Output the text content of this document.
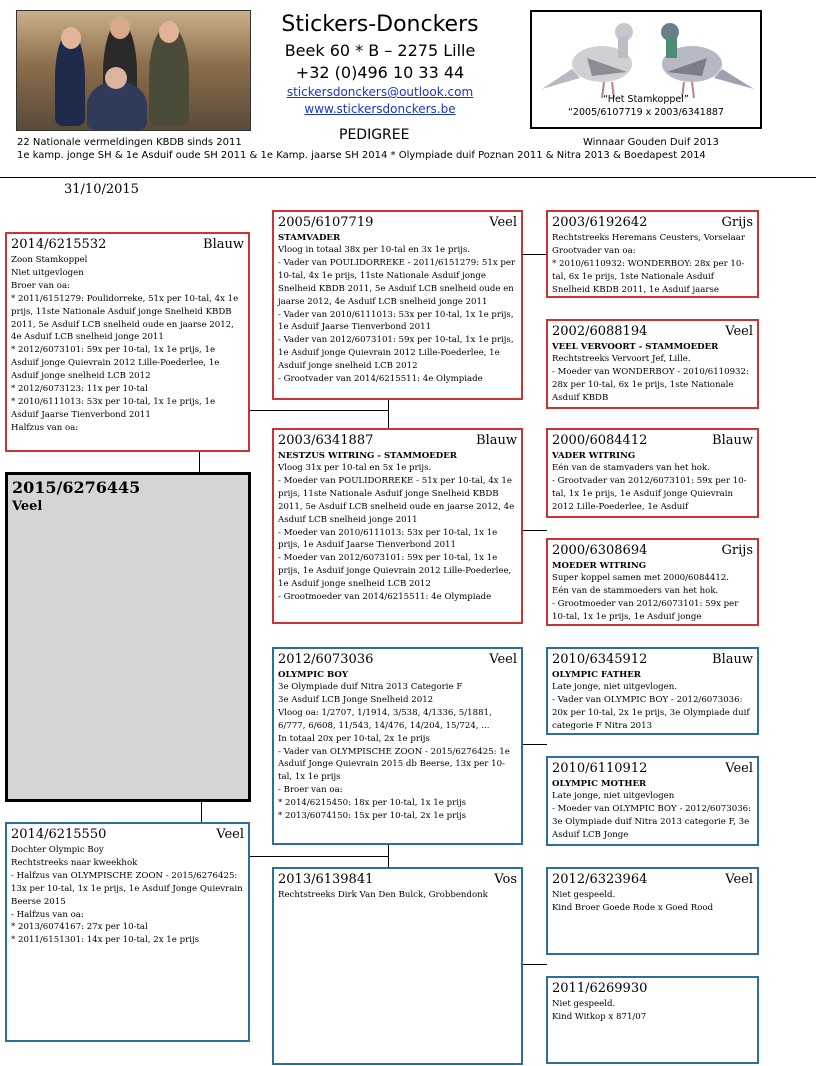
Stickers-Donckers
Beek 60 * B – 2275 Lille
+32 (0)496 10 33 44
stickersdonckers@outlook.com
www.stickersdonckers.be
PEDIGREE
“Het Stamkoppel”
“2005/6107719 x 2003/6341887
22 Nationale vermeldingen KBDB sinds 2011	Winnaar Gouden Duif 2013
1e kamp. jonge SH & 1e Asduif oude SH 2011 & 1e Kamp. jaarse SH 2014 * Olympiade duif Poznan 2011 & Nitra 2013 & Boedapest 2014
31/10/2015
2015/6276445
Veel
2014/6215532	Blauw
Zoon Stamkoppel
Niet uitgevlogen
Broer van oa:
* 2011/6151279: Poulidorreke, 51x per 10-tal, 4x 1e prijs, 11ste Nationale Asduif jonge Snelheid KBDB 2011, 5e Asduif LCB snelheid oude en jaarse 2012, 4e Asduif LCB snelheid jonge 2011
* 2012/6073101: 59x per 10-tal, 1x 1e prijs, 1e Asduif jonge Quievrain 2012 Lille-Poederlee, 1e Asduif jonge snelheid LCB 2012
* 2012/6073123: 11x per 10-tal
* 2010/6111013: 53x per 10-tal, 1x 1e prijs, 1e Asduif Jaarse Tienverbond 2011
Halfzus van oa:
2014/6215550	Veel
Dochter Olympic Boy
Rechtstreeks naar kweekhok
- Halfzus van OLYMPISCHE ZOON - 2015/6276425: 13x per 10-tal, 1x 1e prijs, 1e Asduif Jonge Quievrain Beerse 2015
- Halfzus van oa:
* 2013/6074167: 27x per 10-tal
* 2011/6151301: 14x per 10-tal, 2x 1e prijs
2005/6107719	Veel
STAMVADER
Vloog in totaal 38x per 10-tal en 3x 1e prijs.
- Vader van POULIDORREKE - 2011/6151279: 51x per 10-tal, 4x 1e prijs, 11ste Nationale Asduif jonge Snelheid KBDB 2011, 5e Asduif LCB snelheid oude en jaarse 2012, 4e Asduif LCB snelheid jonge 2011
- Vader van 2010/6111013: 53x per 10-tal, 1x 1e prijs, 1e Asduif Jaarse Tienverbond 2011
- Vader van 2012/6073101: 59x per 10-tal, 1x 1e prijs, 1e Asduif jonge Quievrain 2012 Lille-Poederlee, 1e Asduif jonge snelheid LCB 2012
- Grootvader van 2014/6215511: 4e Olympiade
2003/6341887	Blauw
NESTZUS WITRING - STAMMOEDER
Vloog 31x per 10-tal en 5x 1e prijs.
- Moeder van POULIDORREKE - 51x per 10-tal, 4x 1e prijs, 11ste Nationale Asduif jonge Snelheid KBDB 2011, 5e Asduif LCB snelheid oude en jaarse 2012, 4e Asduif LCB snelheid jonge 2011
- Moeder van 2010/6111013: 53x per 10-tal, 1x 1e prijs, 1e Asduif Jaarse Tienverbond 2011
- Moeder van 2012/6073101: 59x per 10-tal, 1x 1e prijs, 1e Asduif jonge Quievrain 2012 Lille-Poederlee, 1e Asduif jonge snelheid LCB 2012
- Grootmoeder van 2014/6215511: 4e Olympiade
2012/6073036	Veel
OLYMPIC BOY
3e Olympiade duif Nitra 2013 Categorie F
3e Asduif LCB Jonge Snelheid 2012
Vloog oa: 1/2707, 1/1914, 3/538, 4/1336, 5/1881, 6/777, 6/608, 11/543, 14/476, 14/204, 15/724, ...
In totaal 20x per 10-tal, 2x 1e prijs
- Vader van OLYMPISCHE ZOON - 2015/6276425: 1e Asduif Jonge Quievrain 2015 db Beerse, 13x per 10-tal, 1x 1e prijs
- Broer van oa:
* 2014/6215450: 18x per 10-tal, 1x 1e prijs
* 2013/6074150: 15x per 10-tal, 2x 1e prijs
2013/6139841	Vos
Rechtstreeks Dirk Van Den Bulck, Grobbendonk
2003/6192642	Grijs
Rechtstreeks Heremans Ceusters, Vorselaar
Grootvader van oa:
* 2010/6110932: WONDERBOY: 28x per 10-tal, 6x 1e prijs, 1ste Nationale Asduif Snelheid KBDB 2011, 1e Asduif jaarse
2002/6088194	Veel
VEEL VERVOORT - STAMMOEDER
Rechtstreeks Vervoort Jef, Lille.
- Moeder van WONDERBOY - 2010/6110932: 28x per 10-tal, 6x 1e prijs, 1ste Nationale Asduif KBDB
2000/6084412	Blauw
VADER WITRING
Eén van de stamvaders van het hok.
- Grootvader van 2012/6073101: 59x per 10-tal, 1x 1e prijs, 1e Asduif jonge Quievrain 2012 Lille-Poederlee, 1e Asduif
2000/6308694	Grijs
MOEDER WITRING
Super koppel samen met 2000/6084412.
Eén van de stammoeders van het hok.
- Grootmoeder van 2012/6073101: 59x per 10-tal, 1x 1e prijs, 1e Asduif jonge
2010/6345912	Blauw
OLYMPIC FATHER
Late jonge, niet uitgevlogen.
- Vader van OLYMPIC BOY - 2012/6073036: 20x per 10-tal, 2x 1e prijs, 3e Olympiade duif categorie F Nitra 2013
2010/6110912	Veel
OLYMPIC MOTHER
Late jonge, niet uitgevlogen
- Moeder van OLYMPIC BOY - 2012/6073036: 3e Olympiade duif Nitra 2013 categorie F, 3e Asduif LCB Jonge
2012/6323964	Veel
Niet gespeeld.
Kind Broer Goede Rode x Goed Rood
2011/6269930
Niet gespeeld.
Kind Witkop x 871/07
